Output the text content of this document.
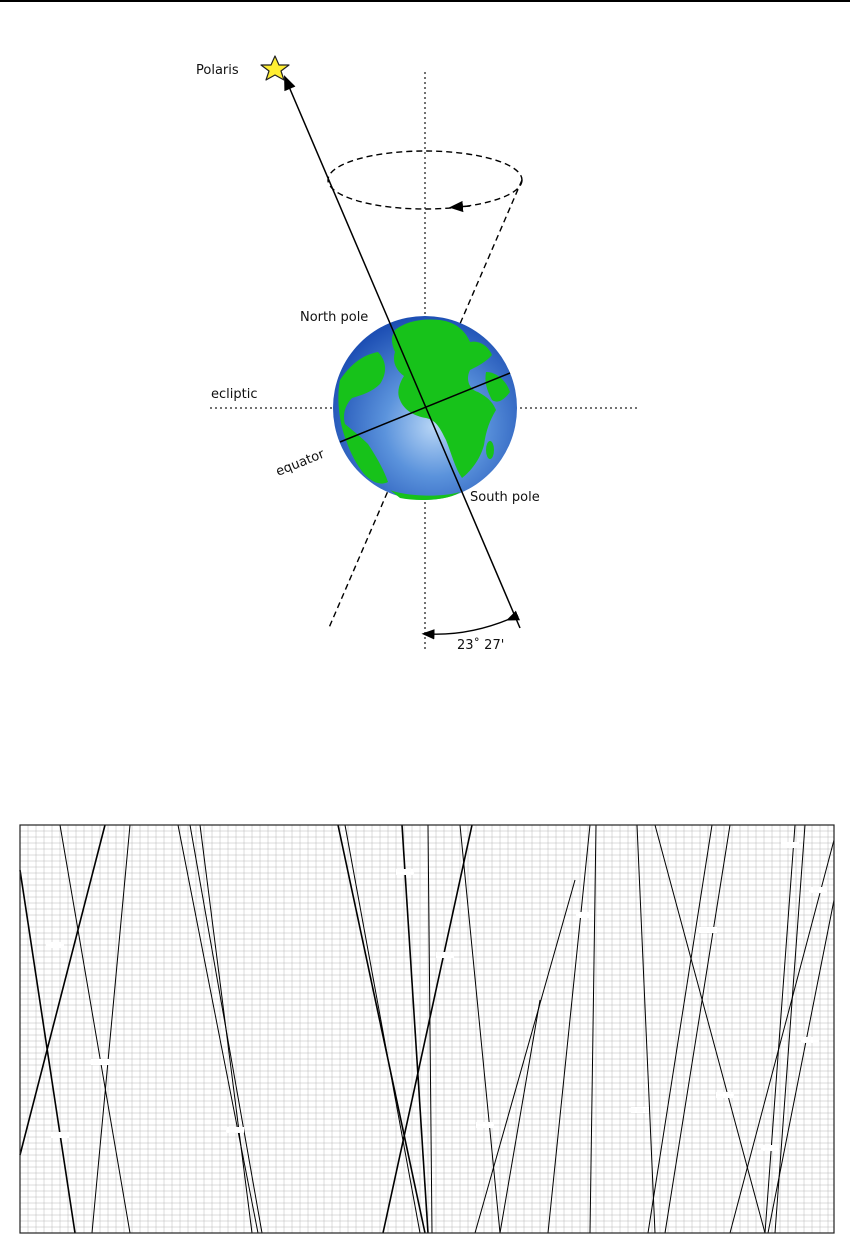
Polaris
North pole
ecliptic
equator
South pole
23˚ 27'
